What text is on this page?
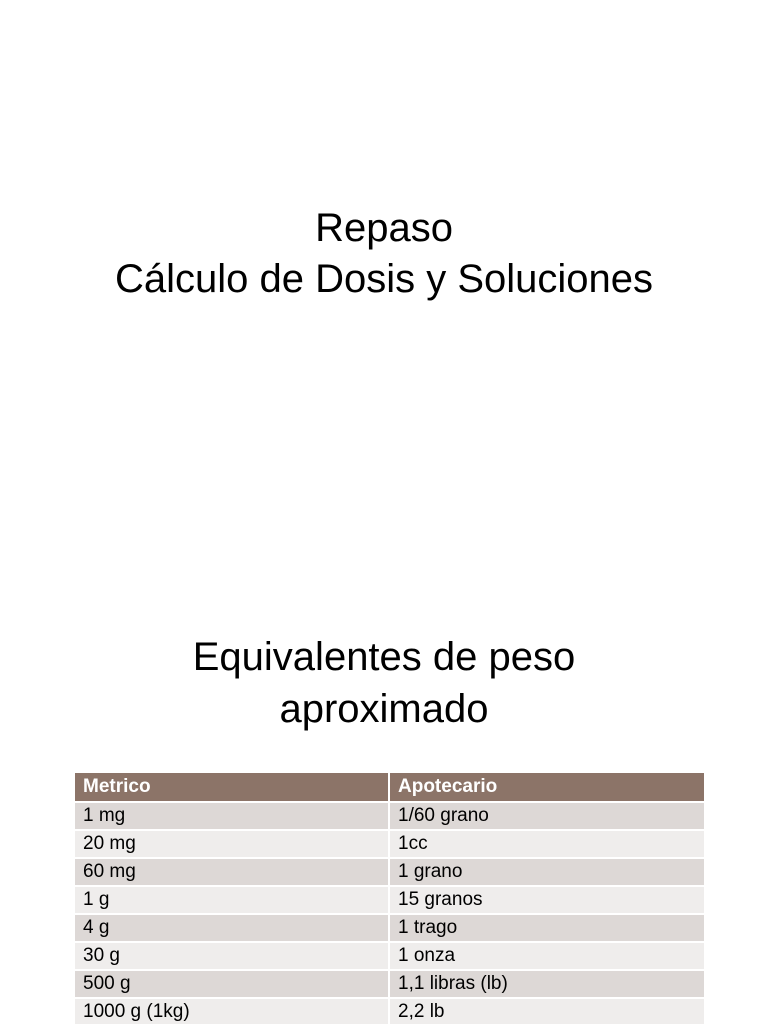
Repaso
Cálculo de Dosis y Soluciones
Equivalentes de peso
aproximado
Metrico	Apotecario
1 mg	1/60 grano
20 mg	1cc
60 mg	1 grano
1 g	15 granos
4 g	1 trago
30 g	1 onza
500 g	1,1 libras (lb)
1000 g (1kg)	2,2 lb
